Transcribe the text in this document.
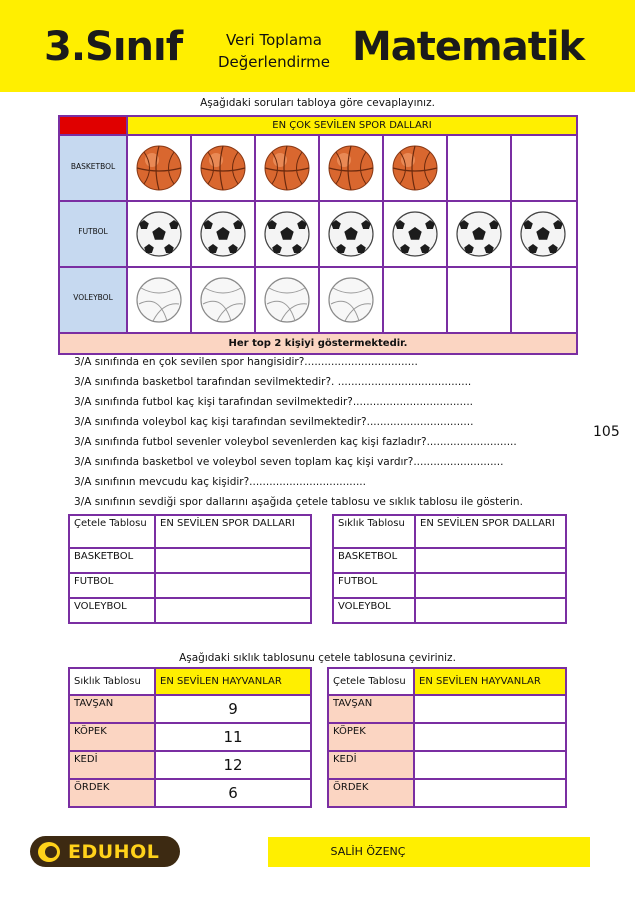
3.Sınıf	Veri Toplama
Değerlendirme Matematik
Aşağıdaki soruları tabloya göre cevaplayınız.
EN ÇOK SEVİLEN SPOR DALLARI
Her top 2 kişiyi göstermektedir.
BASKETBOL
FUTBOL
VOLEYBOL
3/A sınıfında en çok sevilen spor hangisidir?..................................
3/A sınıfında basketbol tarafından sevilmektedir?. ........................................
3/A sınıfında futbol kaç kişi tarafından sevilmektedir?....................................
3/A sınıfında voleybol kaç kişi tarafından sevilmektedir?................................
3/A sınıfında futbol sevenler voleybol sevenlerden kaç kişi fazladır?...........................
3/A sınıfında basketbol ve voleybol seven toplam kaç kişi vardır?...........................
3/A sınıfının mevcudu kaç kişidir?...................................
3/A sınıfının sevdiği spor dallarını aşağıda çetele tablosu ve sıklık tablosu ile gösterin.
105
Çetele Tablosu	EN SEVİLEN SPOR DALLARI
BASKETBOL	
FUTBOL	
VOLEYBOL	
Sıklık Tablosu	EN SEVİLEN SPOR DALLARI
BASKETBOL	
FUTBOL	
VOLEYBOL	
Aşağıdaki sıklık tablosunu çetele tablosuna çeviriniz.
Sıklık Tablosu	EN SEVİLEN HAYVANLAR
TAVŞAN	9
KÖPEK	11
KEDİ	12
ÖRDEK	6
Çetele Tablosu	EN SEVİLEN HAYVANLAR
TAVŞAN	
KÖPEK	
KEDİ	
ÖRDEK	
SALİH ÖZENÇ
EDUHOL
